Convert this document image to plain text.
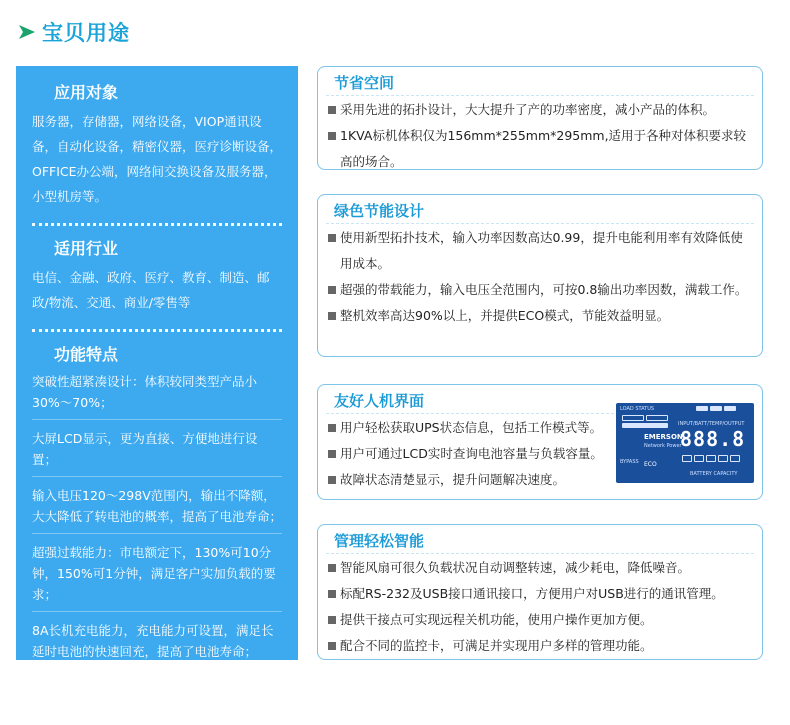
宝贝用途
应用对象

服务器，存储器，网络设备，VIOP通讯设备，自动化设备，精密仪器，医疗诊断设备，OFFICE办公端，网络间交换设备及服务器，小型机房等。

适用行业

电信、金融、政府、医疗、教育、制造、邮政/物流、交通、商业/零售等

功能特点
突破性超紧凑设计：体积较同类型产品小30%～70%；
大屏LCD显示，更为直接、方便地进行设置；
输入电压120～298V范围内，输出不降额，大大降低了转电池的概率，提高了电池寿命；
超强过载能力：市电额定下，130%可10分钟，150%可1分钟，满足客户实加负载的要求；
8A长机充电能力，充电能力可设置，满足长延时电池的快速回充，提高了电池寿命；
出色的环保、节能特性，效率高出同等产品3－4个百分点，满载1K一天可省近一度电。
节省空间
采用先进的拓扑设计，大大提升了产的功率密度，减小产品的体积。
1KVA标机体积仅为156mm*255mm*295mm,适用于各种对体积要求较高的场合。
绿色节能设计
使用新型拓扑技术，输入功率因数高达0.99，提升电能利用率有效降低使用成本。
超强的带载能力，输入电压全范围内，可按0.8输出功率因数，满载工作。
整机效率高达90%以上，并提供ECO模式，节能效益明显。
友好人机界面
用户轻松获取UPS状态信息，包括工作模式等。
用户可通过LCD实时查询电池容量与负载容量。
故障状态清楚显示，提升问题解决速度。
LOAD STATUS
INPUT/BATT/TEMP/OUTPUT
EMERSON
Network Power
888.8
ECO
BYPASS
BATTERY CAPACITY
管理轻松智能
智能风扇可很久负载状况自动调整转速，减少耗电，降低噪音。
标配RS-232及USB接口通讯接口，方便用户对USB进行的通讯管理。
提供干接点可实现远程关机功能，使用户操作更加方便。
配合不同的监控卡，可满足并实现用户多样的管理功能。
